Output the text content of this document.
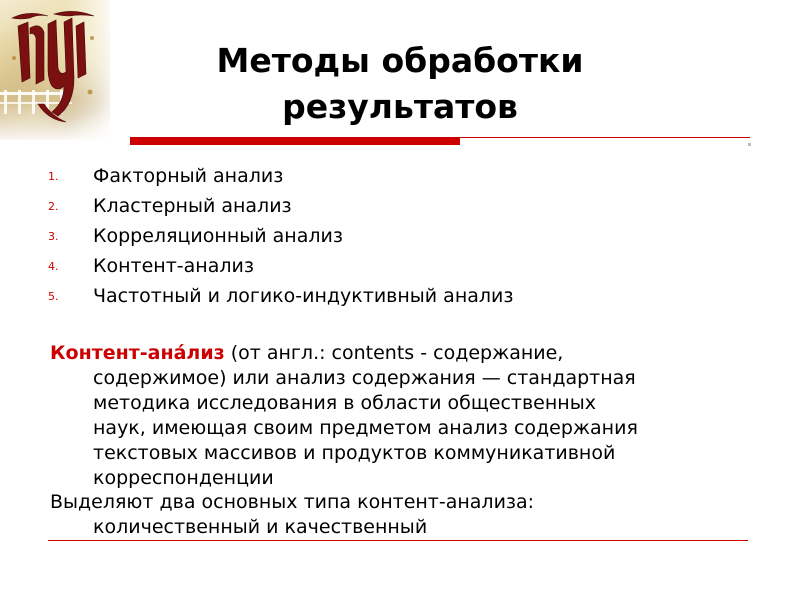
ny
Методы обработки
результатов
1. Факторный анализ
2. Кластерный анализ
3. Корреляционный анализ
4. Контент-анализ
5. Частотный и логико-индуктивный анализ

Контент-ана́лиз (от англ.: contents - содержание,
содержимое) или анализ содержания — стандартная
методика исследования в области общественных
наук, имеющая своим предметом анализ содержания
текстовых массивов и продуктов коммуникативной
корреспонденции

Выделяют два основных типа контент-анализа:
количественный и качественный
